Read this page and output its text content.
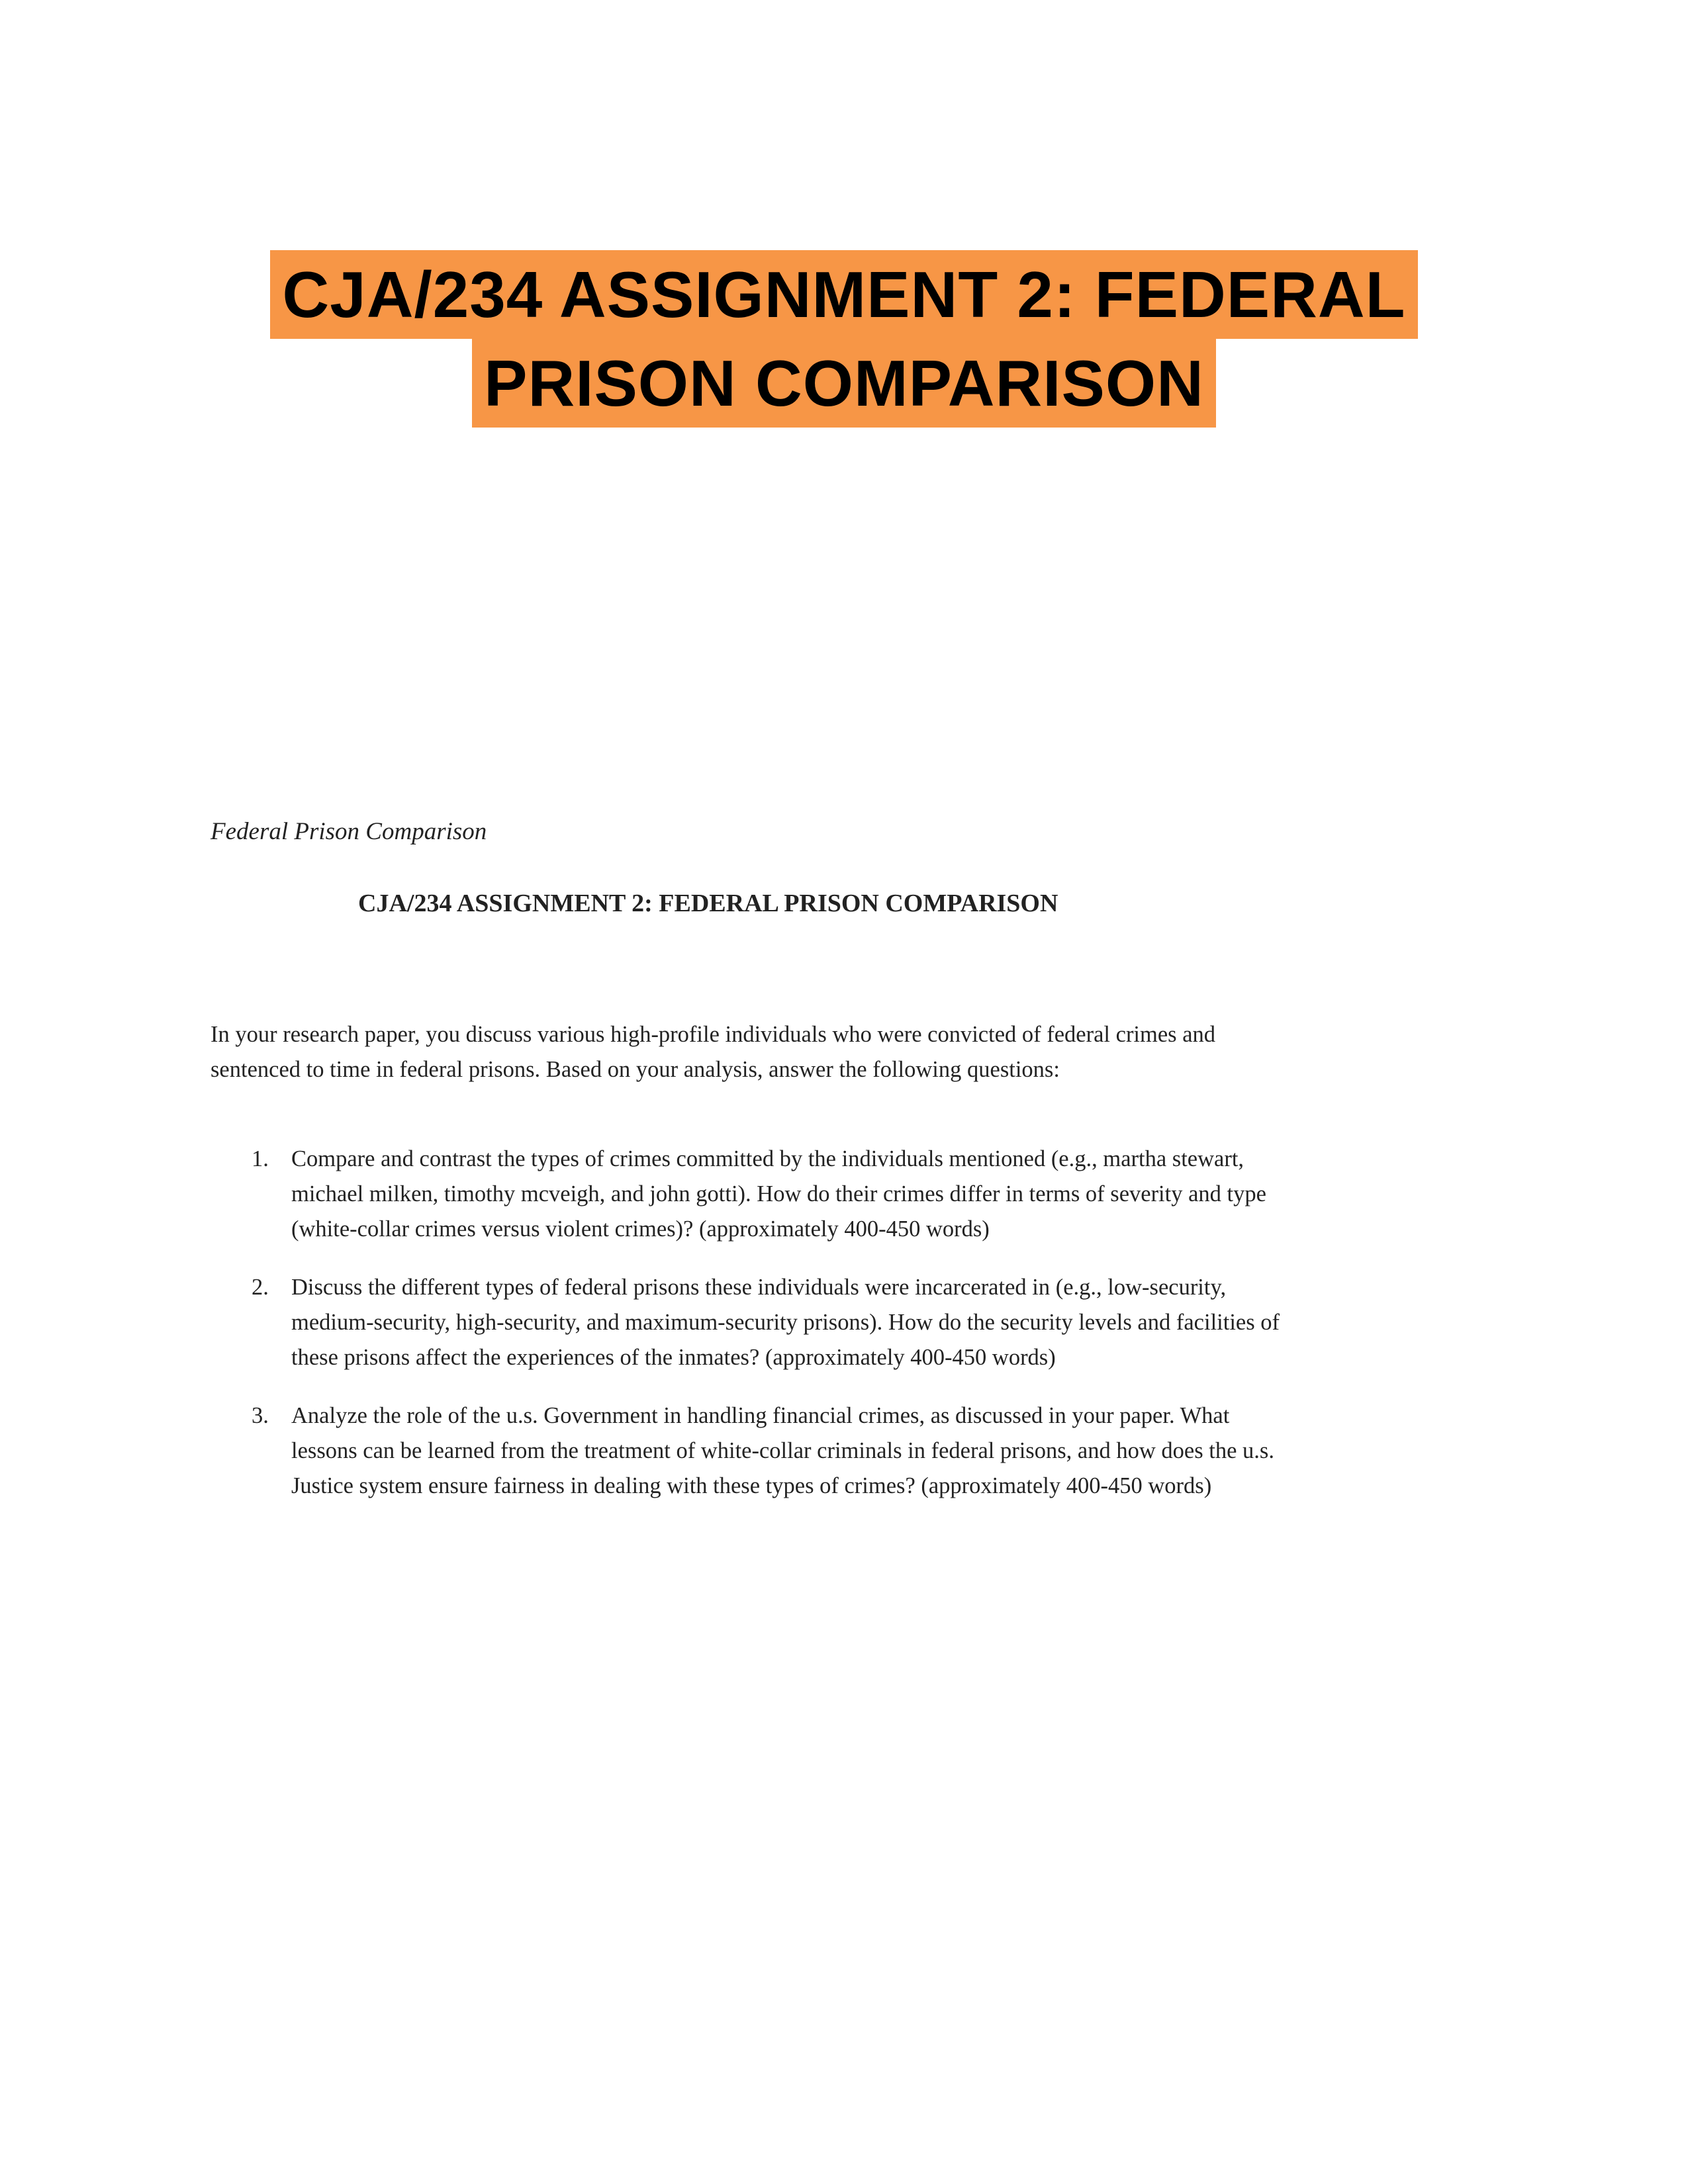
CJA/234 ASSIGNMENT 2: FEDERAL
PRISON COMPARISON
Federal Prison Comparison
CJA/234 ASSIGNMENT 2: FEDERAL PRISON COMPARISON
In your research paper, you discuss various high-profile individuals who were convicted of federal crimes and sentenced to time in federal prisons. Based on your analysis, answer the following questions:
1. Compare and contrast the types of crimes committed by the individuals mentioned (e.g., martha stewart, michael milken, timothy mcveigh, and john gotti). How do their crimes differ in terms of severity and type (white-collar crimes versus violent crimes)? (approximately 400-450 words)
2. Discuss the different types of federal prisons these individuals were incarcerated in (e.g., low-security, medium-security, high-security, and maximum-security prisons). How do the security levels and facilities of these prisons affect the experiences of the inmates? (approximately 400-450 words)
3. Analyze the role of the u.s. Government in handling financial crimes, as discussed in your paper. What lessons can be learned from the treatment of white-collar criminals in federal prisons, and how does the u.s. Justice system ensure fairness in dealing with these types of crimes? (approximately 400-450 words)
